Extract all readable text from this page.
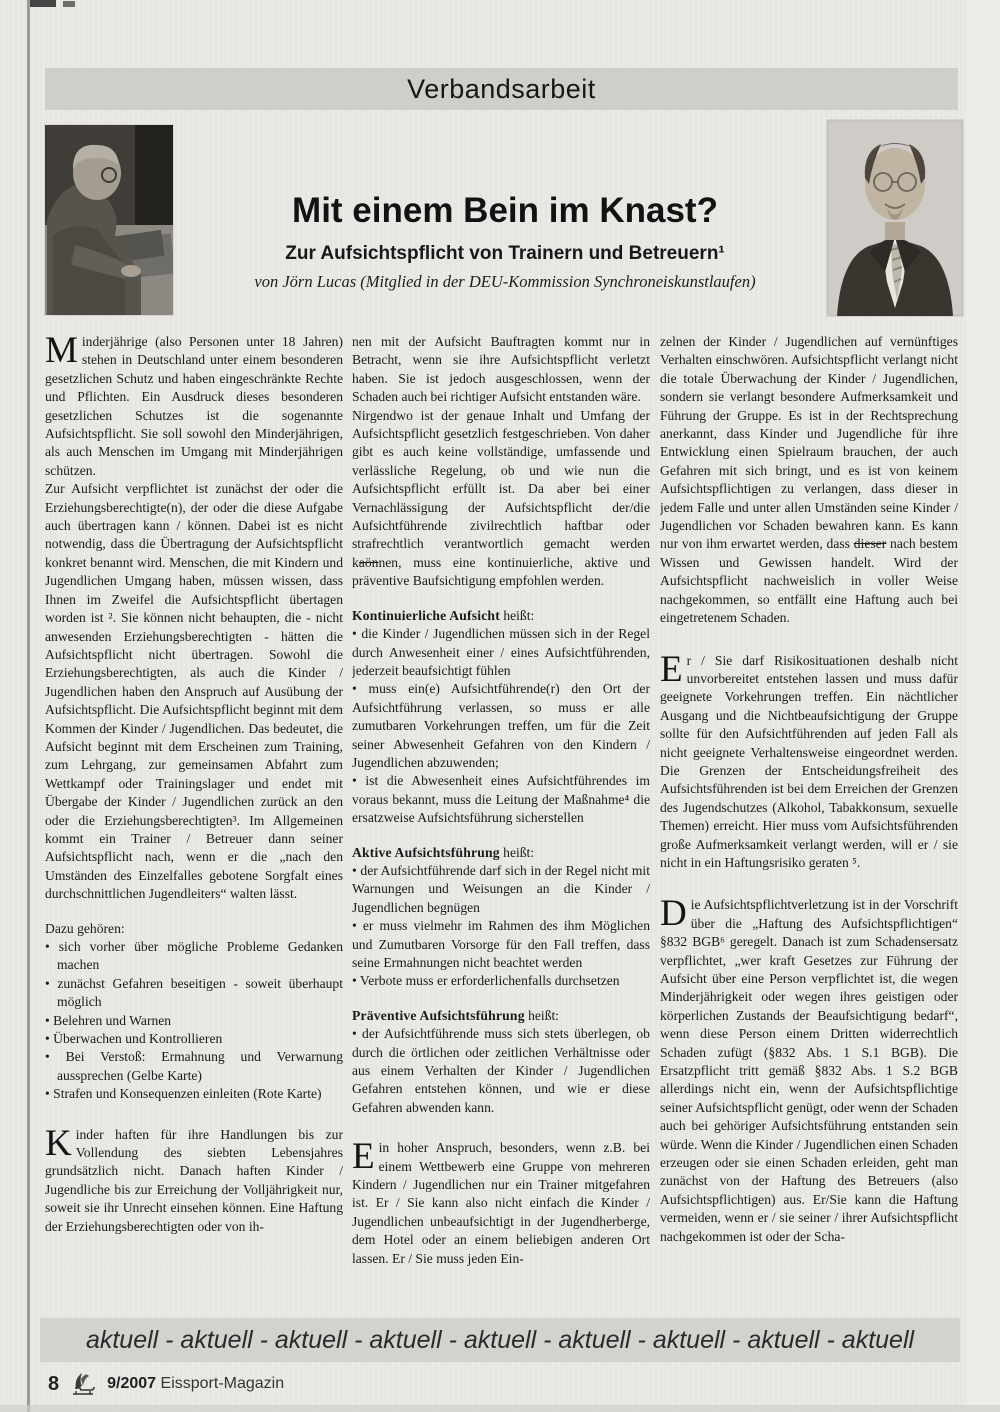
Verbandsarbeit
Mit einem Bein im Knast?
Zur Aufsichtspflicht von Trainern und Betreuern¹
von Jörn Lucas (Mitglied in der DEU-Kommission Synchroneiskunstlaufen)

Minderjährige (also Personen unter 18 Jahren) stehen in Deutschland unter einem besonderen gesetzlichen Schutz und haben eingeschränkte Rechte und Pflichten. Ein Ausdruck dieses besonderen gesetzlichen Schutzes ist die sogenannte Aufsichtspflicht. Sie soll sowohl den Minderjährigen, als auch Menschen im Umgang mit Minderjährigen schützen.

Zur Aufsicht verpflichtet ist zunächst der oder die Erziehungsberechtigte(n), der oder die diese Aufgabe auch übertragen kann / können. Dabei ist es nicht notwendig, dass die Übertragung der Aufsichtspflicht konkret benannt wird. Menschen, die mit Kindern und Jugendlichen Umgang haben, müssen wissen, dass Ihnen im Zweifel die Aufsichtspflicht übertagen worden ist ². Sie können nicht behaupten, die - nicht anwesenden Erziehungsberechtigten - hätten die Aufsichtspflicht nicht übertragen. Sowohl die Erziehungsberechtigten, als auch die Kinder / Jugendlichen haben den Anspruch auf Ausübung der Aufsichtspflicht. Die Aufsichtspflicht beginnt mit dem Kommen der Kinder / Jugendlichen. Das bedeutet, die Aufsicht beginnt mit dem Erscheinen zum Training, zum Lehrgang, zur gemeinsamen Abfahrt zum Wettkampf oder Trainingslager und endet mit Übergabe der Kinder / Jugendlichen zurück an den oder die Erziehungsberechtigten³. Im Allgemeinen kommt ein Trainer / Betreuer dann seiner Aufsichtspflicht nach, wenn er die „nach den Umständen des Einzelfalles gebotene Sorgfalt eines durchschnittlichen Jugendleiters“ walten lässt.

Dazu gehören:

• sich vorher über mögliche Probleme Gedanken machen
• zunächst Gefahren beseitigen - soweit überhaupt möglich
• Belehren und Warnen
• Überwachen und Kontrollieren
• Bei Verstoß: Ermahnung und Verwarnung aussprechen (Gelbe Karte)
• Strafen und Konsequenzen einleiten (Rote Karte)

Kinder haften für ihre Handlungen bis zur Vollendung des siebten Lebensjahres grundsätzlich nicht. Danach haften Kinder / Jugendliche bis zur Erreichung der Volljährigkeit nur, soweit sie ihr Unrecht einsehen können. Eine Haftung der Erziehungsberechtigten oder von ih-

nen mit der Aufsicht Bauftragten kommt nur in Betracht, wenn sie ihre Aufsichtspflicht verletzt haben. Sie ist jedoch ausgeschlossen, wenn der Schaden auch bei richtiger Aufsicht entstanden wäre.

Nirgendwo ist der genaue Inhalt und Umfang der Aufsichtspflicht gesetzlich festgeschrieben. Von daher gibt es auch keine vollständige, umfassende und verlässliche Regelung, ob und wie nun die Aufsichtspflicht erfüllt ist. Da aber bei einer Vernachlässigung der Aufsichtspflicht der/die Aufsichtführende zivilrechtlich haftbar oder strafrechtlich verantwortlich gemacht werden kaönnen, muss eine kontinuierliche, aktive und präventive Baufsichtigung empfohlen werden.

Kontinuierliche Aufsicht heißt:

• die Kinder / Jugendlichen müssen sich in der Regel durch Anwesenheit einer / eines Aufsichtführenden, jederzeit beaufsichtigt fühlen
• muss ein(e) Aufsichtführende(r) den Ort der Aufsichtführung verlassen, so muss er alle zumutbaren Vorkehrungen treffen, um für die Zeit seiner Abwesenheit Gefahren von den Kindern / Jugendlichen abzuwenden;
• ist die Abwesenheit eines Aufsichtführendes im voraus bekannt, muss die Leitung der Maßnahme⁴ die ersatzweise Aufsichtsführung sicherstellen

Aktive Aufsichtsführung heißt:

• der Aufsichtführende darf sich in der Regel nicht mit Warnungen und Weisungen an die Kinder / Jugendlichen begnügen
• er muss vielmehr im Rahmen des ihm Möglichen und Zumutbaren Vorsorge für den Fall treffen, dass seine Ermahnungen nicht beachtet werden
• Verbote muss er erforderlichenfalls durchsetzen

Präventive Aufsichtsführung heißt:

• der Aufsichtführende muss sich stets überlegen, ob durch die örtlichen oder zeitlichen Verhältnisse oder aus einem Verhalten der Kinder / Jugendlichen Gefahren entstehen können, und wie er diese Gefahren abwenden kann.

Ein hoher Anspruch, besonders, wenn z.B. bei einem Wettbewerb eine Gruppe von mehreren Kindern / Jugendlichen nur ein Trainer mitgefahren ist. Er / Sie kann also nicht einfach die Kinder / Jugendlichen unbeaufsichtigt in der Jugendherberge, dem Hotel oder an einem beliebigen anderen Ort lassen. Er / Sie muss jeden Ein-

zelnen der Kinder / Jugendlichen auf vernünftiges Verhalten einschwören. Aufsichtspflicht verlangt nicht die totale Überwachung der Kinder / Jugendlichen, sondern sie verlangt besondere Aufmerksamkeit und Führung der Gruppe. Es ist in der Rechtsprechung anerkannt, dass Kinder und Jugendliche für ihre Entwicklung einen Spielraum brauchen, der auch Gefahren mit sich bringt, und es ist von keinem Aufsichtspflichtigen zu verlangen, dass dieser in jedem Falle und unter allen Umständen seine Kinder / Jugendlichen vor Schaden bewahren kann. Es kann nur von ihm erwartet werden, dass dieser nach bestem Wissen und Gewissen handelt. Wird der Aufsichtspflicht nachweislich in voller Weise nachgekommen, so entfällt eine Haftung auch bei eingetretenem Schaden.

Er / Sie darf Risikosituationen deshalb nicht unvorbereitet entstehen lassen und muss dafür geeignete Vorkehrungen treffen. Ein nächtlicher Ausgang und die Nichtbeaufsichtigung der Gruppe sollte für den Aufsichtführenden auf jeden Fall als nicht geeignete Verhaltensweise eingeordnet werden. Die Grenzen der Entscheidungsfreiheit des Aufsichtsführenden ist bei dem Erreichen der Grenzen des Jugendschutzes (Alkohol, Tabakkonsum, sexuelle Themen) erreicht. Hier muss vom Aufsichtsführenden große Aufmerksamkeit verlangt werden, will er / sie nicht in ein Haftungsrisiko geraten ⁵.

Die Aufsichtspflichtverletzung ist in der Vorschrift über die „Haftung des Aufsichtspflichtigen“ §832 BGB⁶ geregelt. Danach ist zum Schadensersatz verpflichtet, „wer kraft Gesetzes zur Führung der Aufsicht über eine Person verpflichtet ist, die wegen Minderjährigkeit oder wegen ihres geistigen oder körperlichen Zustands der Beaufsichtigung bedarf“, wenn diese Person einem Dritten widerrechtlich Schaden zufügt (§832 Abs. 1 S.1 BGB). Die Ersatzpflicht tritt gemäß §832 Abs. 1 S.2 BGB allerdings nicht ein, wenn der Aufsichtspflichtige seiner Aufsichtspflicht genügt, oder wenn der Schaden auch bei gehöriger Aufsichtsführung entstanden sein würde. Wenn die Kinder / Jugendlichen einen Schaden erzeugen oder sie einen Schaden erleiden, geht man zunächst von der Haftung des Betreuers (also Aufsichtspflichtigen) aus. Er/Sie kann die Haftung vermeiden, wenn er / sie seiner / ihrer Aufsichtspflicht nachgekommen ist oder der Scha-

aktuell - aktuell - aktuell - aktuell - aktuell - aktuell - aktuell - aktuell - aktuell
8	9/2007 Eissport-Magazin
